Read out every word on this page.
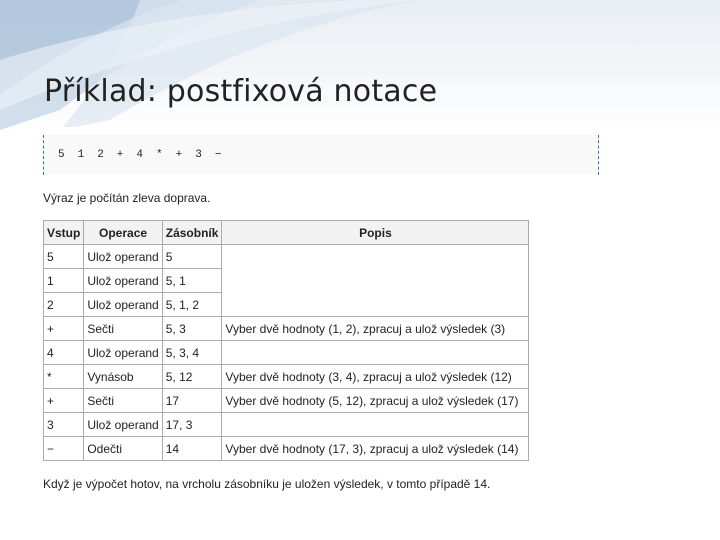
Příklad: postfixová notace
5 1 2 + 4 * + 3 −
Výraz je počítán zleva doprava.
Vstup	Operace	Zásobník	Popis
5	Ulož operand	5	
1	Ulož operand	5, 1	
2	Ulož operand	5, 1, 2	
+	Sečti	5, 3	Vyber dvě hodnoty (1, 2), zpracuj a ulož výsledek (3)
4	Ulož operand	5, 3, 4	
*	Vynásob	5, 12	Vyber dvě hodnoty (3, 4), zpracuj a ulož výsledek (12)
+	Sečti	17	Vyber dvě hodnoty (5, 12), zpracuj a ulož výsledek (17)
3	Ulož operand	17, 3	
−	Odečti	14	Vyber dvě hodnoty (17, 3), zpracuj a ulož výsledek (14)
Když je výpočet hotov, na vrcholu zásobníku je uložen výsledek, v tomto případě 14.
